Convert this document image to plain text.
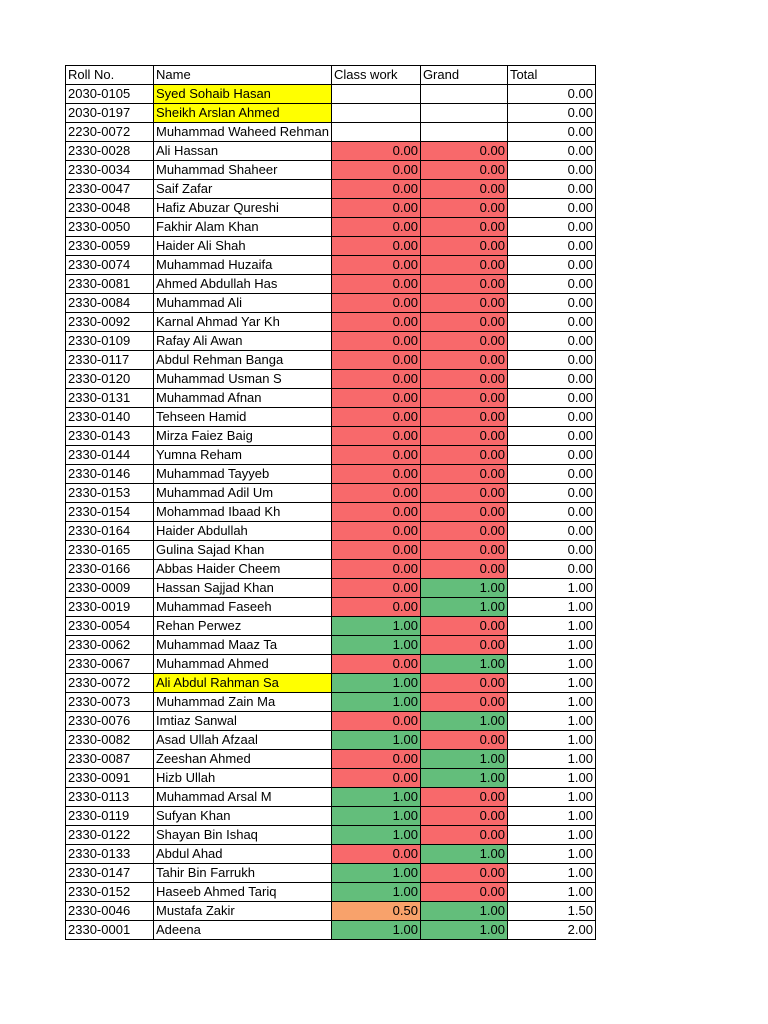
Roll No.	Name	Class work	Grand	Total
2030-0105	Syed Sohaib Hasan			0.00
2030-0197	Sheikh Arslan Ahmed			0.00
2230-0072	Muhammad Waheed Rehman			0.00
2330-0028	Ali Hassan	0.00	0.00	0.00
2330-0034	Muhammad Shaheer	0.00	0.00	0.00
2330-0047	Saif Zafar	0.00	0.00	0.00
2330-0048	Hafiz Abuzar Qureshi	0.00	0.00	0.00
2330-0050	Fakhir Alam Khan	0.00	0.00	0.00
2330-0059	Haider Ali Shah	0.00	0.00	0.00
2330-0074	Muhammad Huzaifa	0.00	0.00	0.00
2330-0081	Ahmed Abdullah Has	0.00	0.00	0.00
2330-0084	Muhammad Ali	0.00	0.00	0.00
2330-0092	Karnal Ahmad Yar Kh	0.00	0.00	0.00
2330-0109	Rafay Ali Awan	0.00	0.00	0.00
2330-0117	Abdul Rehman Banga	0.00	0.00	0.00
2330-0120	Muhammad Usman S	0.00	0.00	0.00
2330-0131	Muhammad Afnan	0.00	0.00	0.00
2330-0140	Tehseen Hamid	0.00	0.00	0.00
2330-0143	Mirza Faiez Baig	0.00	0.00	0.00
2330-0144	Yumna Reham	0.00	0.00	0.00
2330-0146	Muhammad Tayyeb	0.00	0.00	0.00
2330-0153	Muhammad Adil Um	0.00	0.00	0.00
2330-0154	Mohammad Ibaad Kh	0.00	0.00	0.00
2330-0164	Haider Abdullah	0.00	0.00	0.00
2330-0165	Gulina Sajad Khan	0.00	0.00	0.00
2330-0166	Abbas Haider Cheem	0.00	0.00	0.00
2330-0009	Hassan Sajjad Khan	0.00	1.00	1.00
2330-0019	Muhammad Faseeh	0.00	1.00	1.00
2330-0054	Rehan Perwez	1.00	0.00	1.00
2330-0062	Muhammad Maaz Ta	1.00	0.00	1.00
2330-0067	Muhammad Ahmed	0.00	1.00	1.00
2330-0072	Ali Abdul Rahman Sa	1.00	0.00	1.00
2330-0073	Muhammad Zain Ma	1.00	0.00	1.00
2330-0076	Imtiaz Sanwal	0.00	1.00	1.00
2330-0082	Asad Ullah Afzaal	1.00	0.00	1.00
2330-0087	Zeeshan Ahmed	0.00	1.00	1.00
2330-0091	Hizb Ullah	0.00	1.00	1.00
2330-0113	Muhammad Arsal M	1.00	0.00	1.00
2330-0119	Sufyan Khan	1.00	0.00	1.00
2330-0122	Shayan Bin Ishaq	1.00	0.00	1.00
2330-0133	Abdul Ahad	0.00	1.00	1.00
2330-0147	Tahir Bin Farrukh	1.00	0.00	1.00
2330-0152	Haseeb Ahmed Tariq	1.00	0.00	1.00
2330-0046	Mustafa Zakir	0.50	1.00	1.50
2330-0001	Adeena	1.00	1.00	2.00
